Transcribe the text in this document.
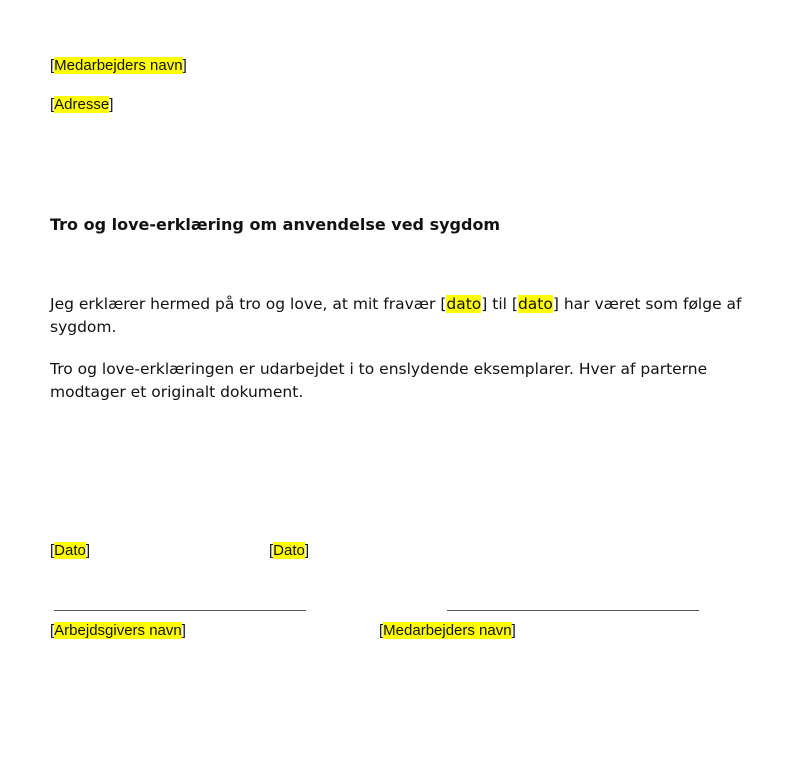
[Medarbejders navn]
[Adresse]
Tro og love-erklæring om anvendelse ved sygdom

Jeg erklærer hermed på tro og love, at mit fravær [dato] til [dato] har været som følge af sygdom.

Tro og love-erklæringen er udarbejdet i to enslydende eksemplarer. Hver af parterne modtager et originalt dokument.

[Dato]	[Dato]
[Arbejdsgivers navn]	[Medarbejders navn]
